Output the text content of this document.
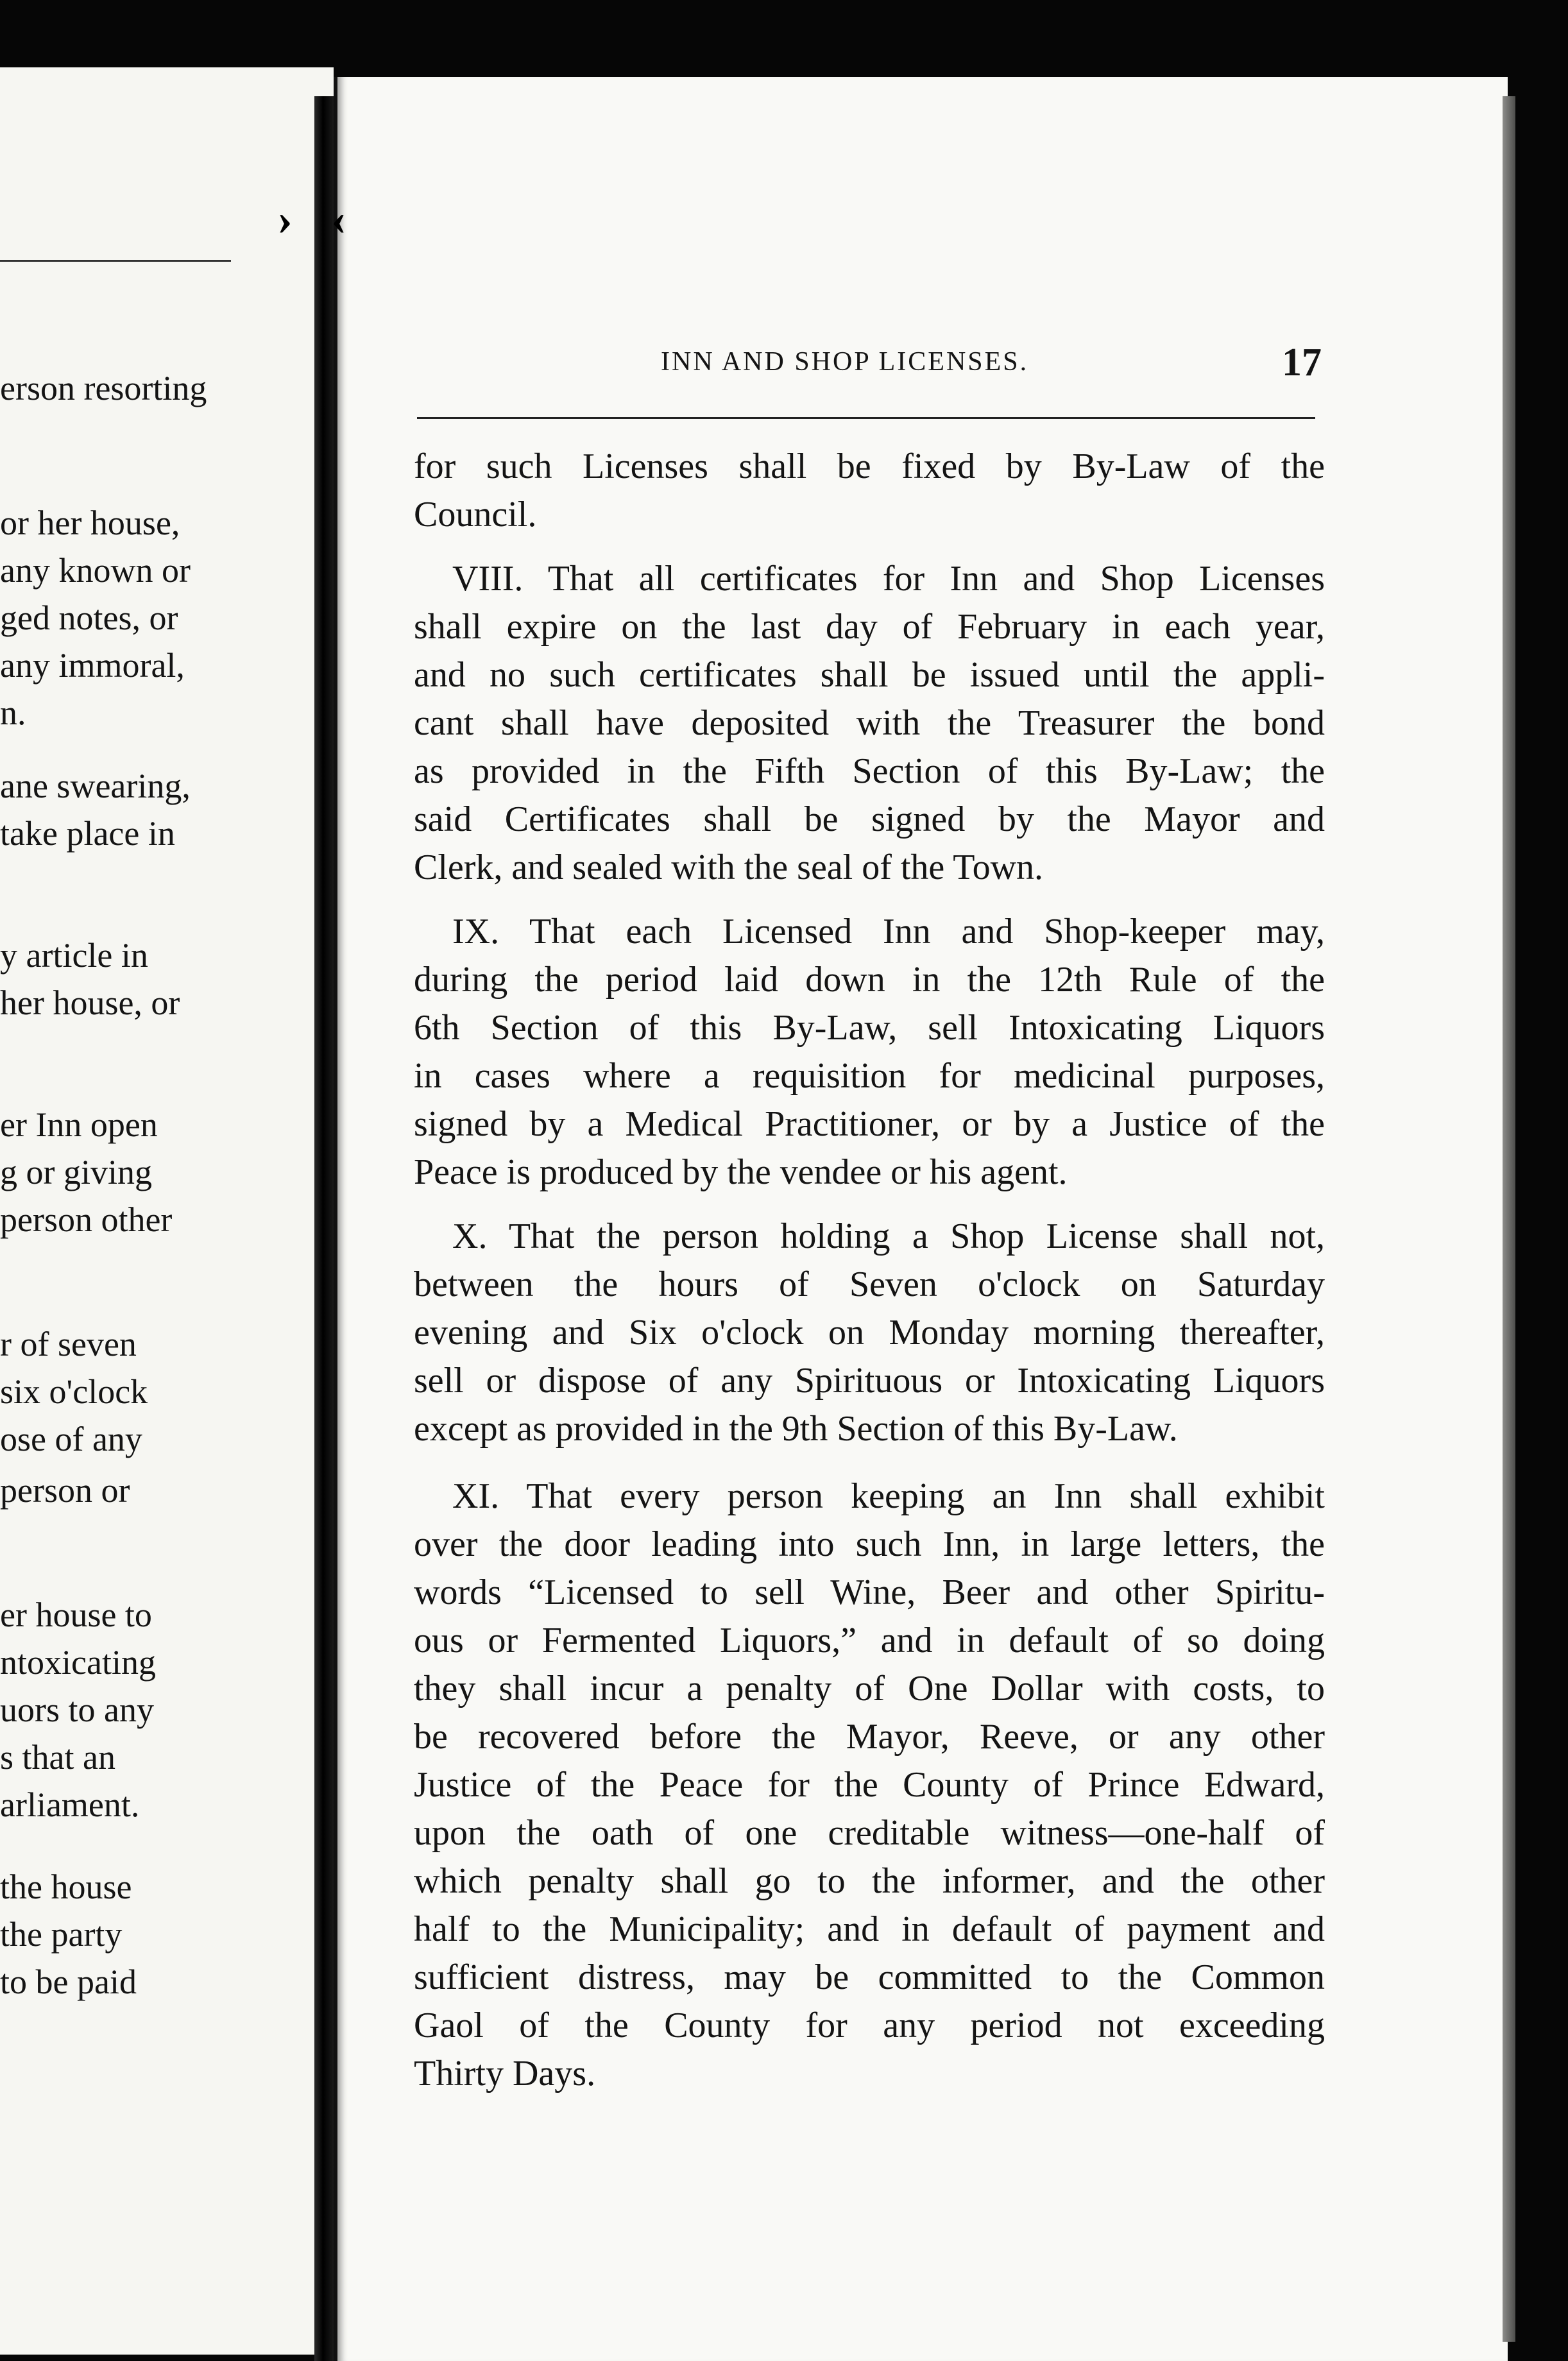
›‹
erson resorting
or her house,
any known or
ged notes, or
any immoral,
n.
ane swearing,
take place in
y article in
her house, or
er Inn open
g or giving
person other
r of seven
six o'clock
ose of any
person or
er house to
ntoxicating
uors to any
s that an
arliament.
the house
the party
to be paid
INN AND SHOP LICENSES.	17
for such Licenses shall be fixed by By-Law of the
Council.
VIII. That all certificates for Inn and Shop Licenses
shall expire on the last day of February in each year,
and no such certificates shall be issued until the appli-
cant shall have deposited with the Treasurer the bond
as provided in the Fifth Section of this By-Law; the
said Certificates shall be signed by the Mayor and
Clerk, and sealed with the seal of the Town.
IX. That each Licensed Inn and Shop-keeper may,
during the period laid down in the 12th Rule of the
6th Section of this By-Law, sell Intoxicating Liquors
in cases where a requisition for medicinal purposes,
signed by a Medical Practitioner, or by a Justice of the
Peace is produced by the vendee or his agent.
X. That the person holding a Shop License shall not,
between the hours of Seven o'clock on Saturday
evening and Six o'clock on Monday morning thereafter,
sell or dispose of any Spirituous or Intoxicating Liquors
except as provided in the 9th Section of this By-Law.
XI. That every person keeping an Inn shall exhibit
over the door leading into such Inn, in large letters, the
words “Licensed to sell Wine, Beer and other Spiritu-
ous or Fermented Liquors,” and in default of so doing
they shall incur a penalty of One Dollar with costs, to
be recovered before the Mayor, Reeve, or any other
Justice of the Peace for the County of Prince Edward,
upon the oath of one creditable witness—one-half of
which penalty shall go to the informer, and the other
half to the Municipality; and in default of payment and
sufficient distress, may be committed to the Common
Gaol of the County for any period not exceeding
Thirty Days.
